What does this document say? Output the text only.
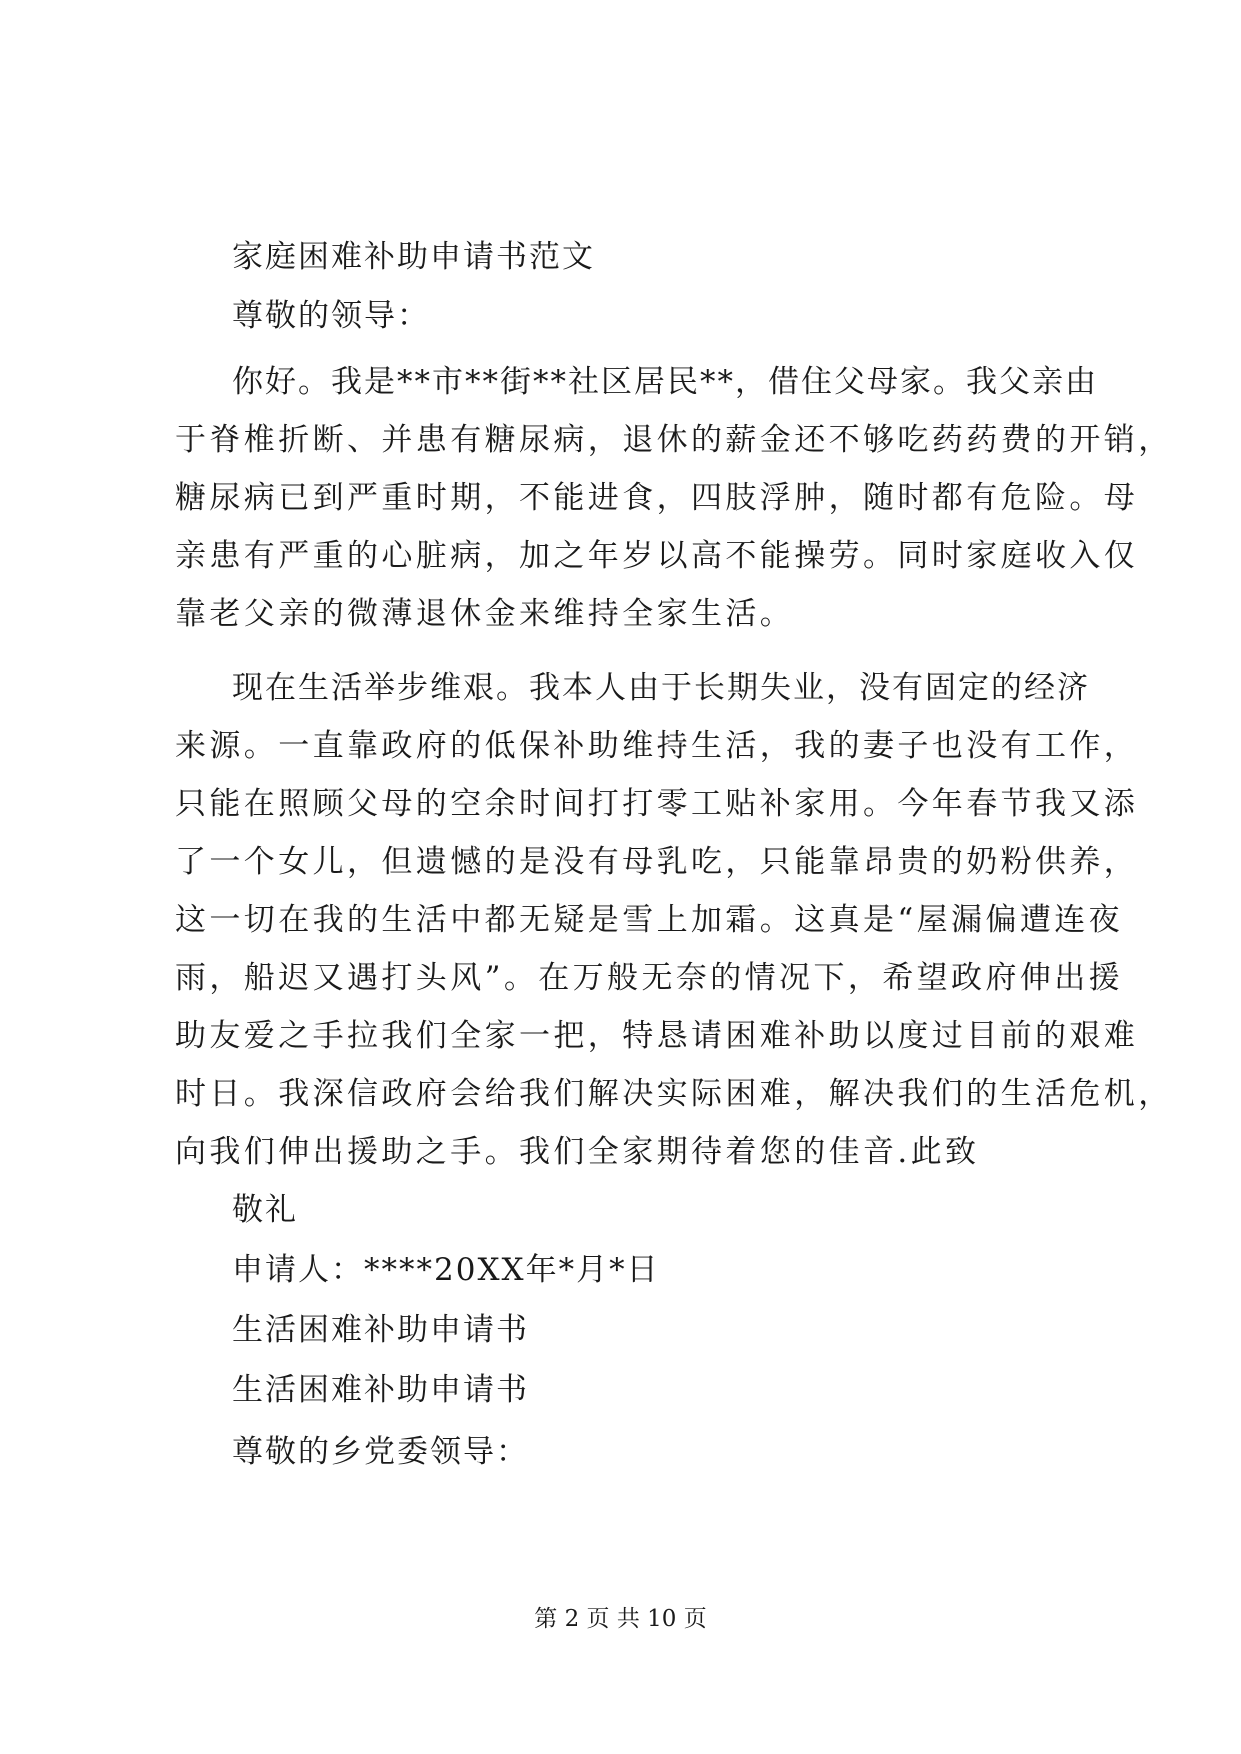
家庭困难补助申请书范文
尊敬的领导：
你好。我是**市**街**社区居民**，借住父母家。我父亲由
于脊椎折断、并患有糖尿病，退休的薪金还不够吃药药费的开销，
糖尿病已到严重时期，不能进食，四肢浮肿，随时都有危险。母
亲患有严重的心脏病，加之年岁以高不能操劳。同时家庭收入仅
靠老父亲的微薄退休金来维持全家生活。
现在生活举步维艰。我本人由于长期失业，没有固定的经济
来源。一直靠政府的低保补助维持生活，我的妻子也没有工作，
只能在照顾父母的空余时间打打零工贴补家用。今年春节我又添
了一个女儿，但遗憾的是没有母乳吃，只能靠昂贵的奶粉供养，
这一切在我的生活中都无疑是雪上加霜。这真是“屋漏偏遭连夜
雨，船迟又遇打头风”。在万般无奈的情况下，希望政府伸出援
助友爱之手拉我们全家一把，特恳请困难补助以度过目前的艰难
时日。我深信政府会给我们解决实际困难，解决我们的生活危机，
向我们伸出援助之手。我们全家期待着您的佳音.此致
敬礼
申请人：****20XX年*月*日
生活困难补助申请书
生活困难补助申请书
尊敬的乡党委领导：
第 2 页 共 10 页
